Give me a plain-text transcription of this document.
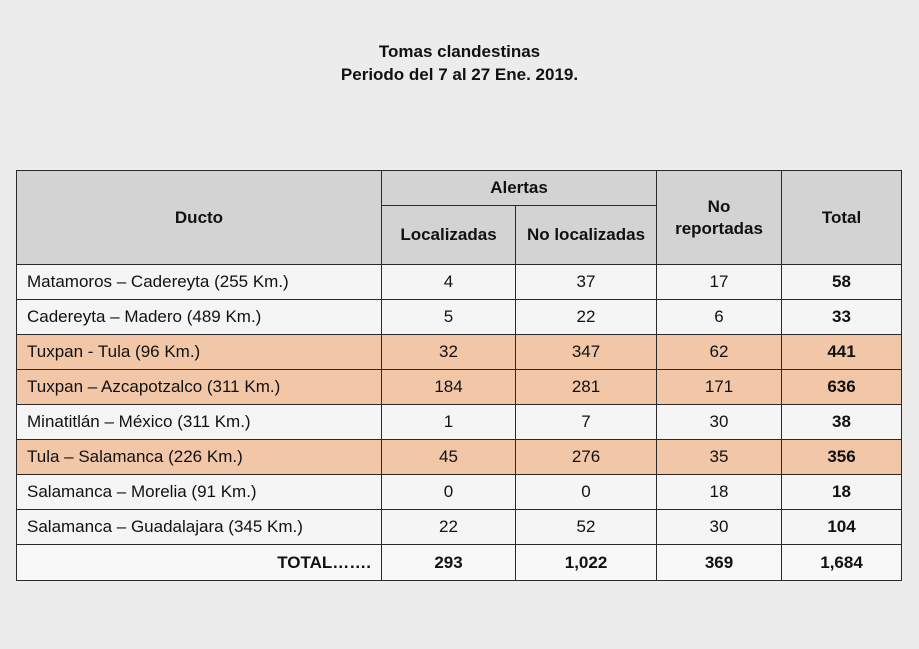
Tomas clandestinas
Periodo del 7 al 27 Ene. 2019.
Ducto	Alertas		No reportadas	Total
	Localizadas	No localizadas		
Matamoros – Cadereyta (255 Km.)	4	37	17	58
Cadereyta – Madero (489 Km.)	5	22	6	33
Tuxpan - Tula (96 Km.)	32	347	62	441
Tuxpan – Azcapotzalco (311 Km.)	184	281	171	636
Minatitlán – México (311 Km.)	1	7	30	38
Tula – Salamanca (226 Km.)	45	276	35	356
Salamanca – Morelia (91 Km.)	0	0	18	18
Salamanca – Guadalajara (345 Km.)	22	52	30	104
TOTAL…….	293	1,022	369	1,684
